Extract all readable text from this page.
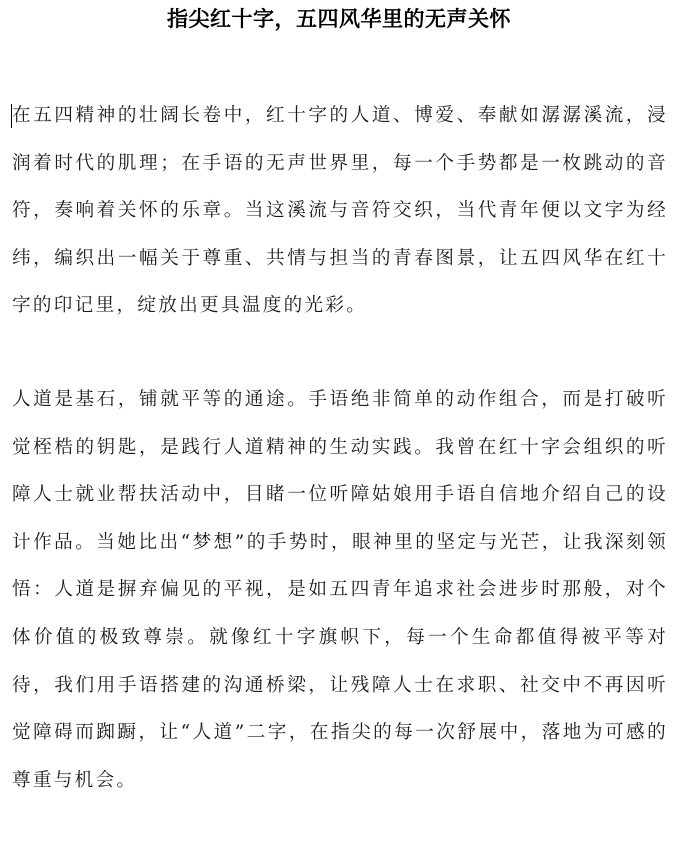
指尖红十字，五四风华里的无声关怀

在五四精神的壮阔长卷中，红十字的人道、博爱、奉献如潺潺溪流，浸润着时代的肌理；在手语的无声世界里，每一个手势都是一枚跳动的音符，奏响着关怀的乐章。当这溪流与音符交织，当代青年便以文字为经纬，编织出一幅关于尊重、共情与担当的青春图景，让五四风华在红十字的印记里，绽放出更具温度的光彩。

人道是基石，铺就平等的通途。手语绝非简单的动作组合，而是打破听觉桎梏的钥匙，是践行人道精神的生动实践。我曾在红十字会组织的听障人士就业帮扶活动中，目睹一位听障姑娘用手语自信地介绍自己的设计作品。当她比出“梦想”的手势时，眼神里的坚定与光芒，让我深刻领悟：人道是摒弃偏见的平视，是如五四青年追求社会进步时那般，对个体价值的极致尊崇。就像红十字旗帜下，每一个生命都值得被平等对待，我们用手语搭建的沟通桥梁，让残障人士在求职、社交中不再因听觉障碍而踟蹰，让“人道”二字，在指尖的每一次舒展中，落地为可感的尊重与机会。
